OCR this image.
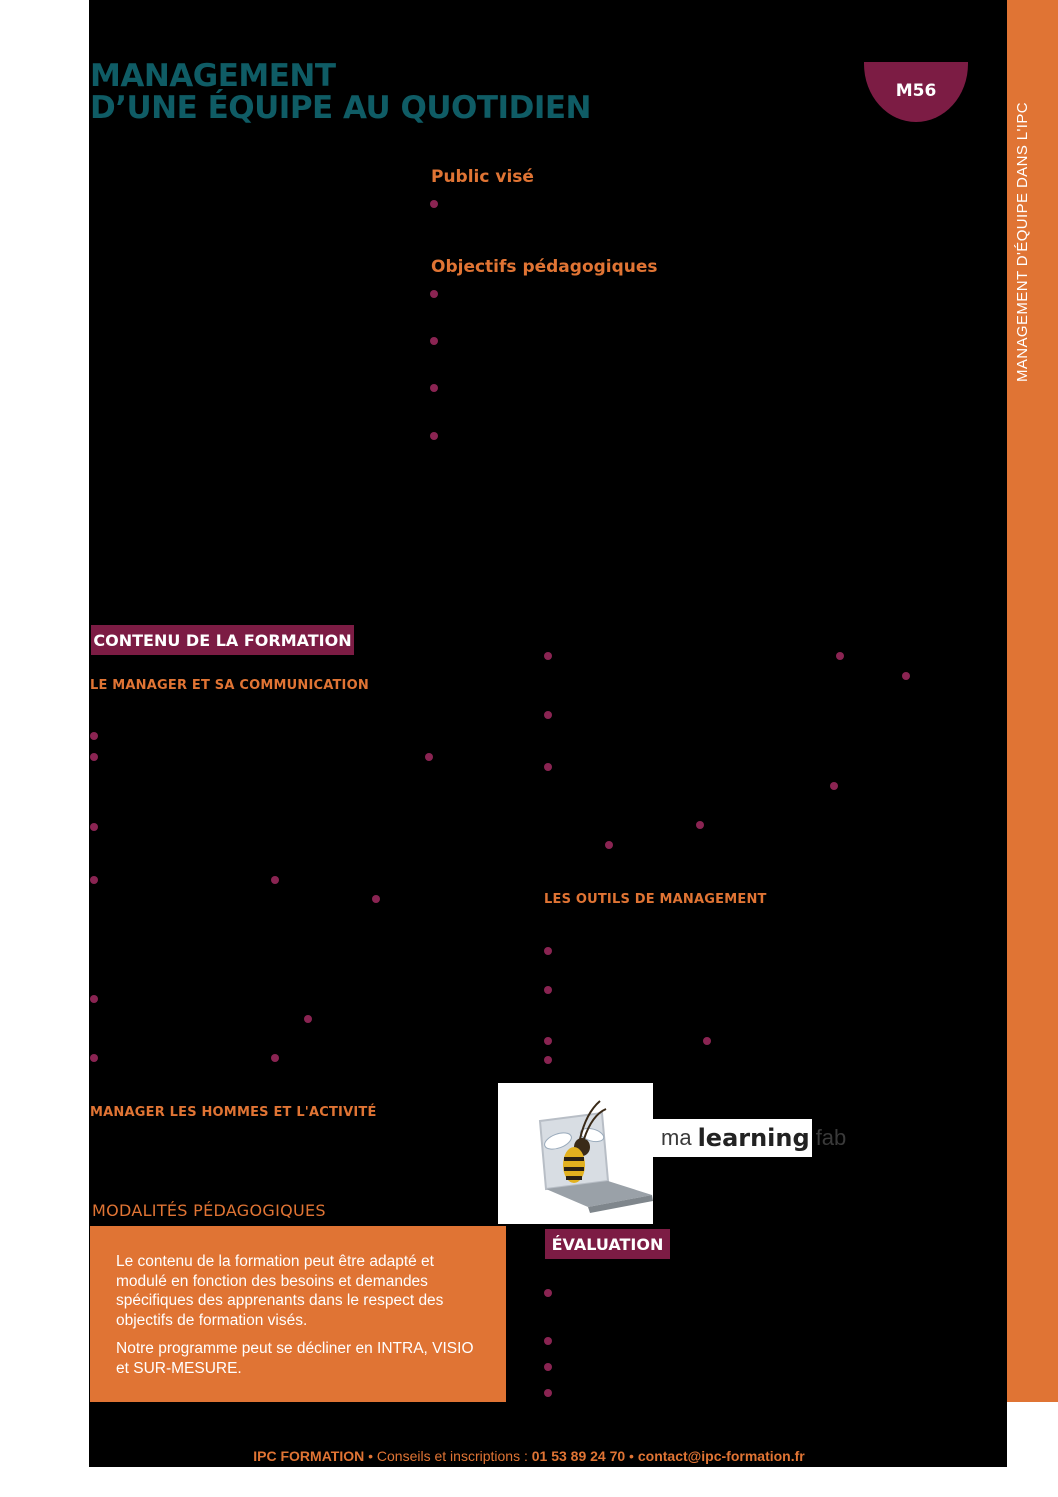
MANAGEMENT D'ÉQUIPE DANS L'IPC
MANAGEMENT
D’UNE ÉQUIPE AU QUOTIDIEN	M56
Public visé
Objectifs pédagogiques
CONTENU DE LA FORMATION
LE MANAGER ET SA COMMUNICATION
MANAGER LES HOMMES ET L'ACTIVITÉ
LES OUTILS DE MANAGEMENT
ma learning fab
MODALITÉS PÉDAGOGIQUES

Le contenu de la formation peut être adapté et modulé en fonction des besoins et demandes spécifiques des apprenants dans le respect des objectifs de formation visés.

Notre programme peut se décliner en INTRA, VISIO et SUR-MESURE.

ÉVALUATION
IPC FORMATION • Conseils et inscriptions : 01 53 89 24 70 • contact@ipc-formation.fr
